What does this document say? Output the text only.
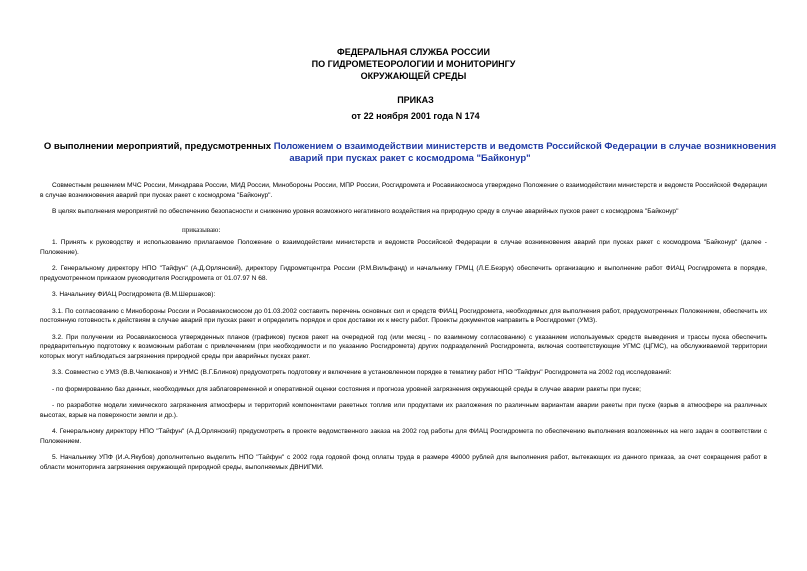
ФЕДЕРАЛЬНАЯ СЛУЖБА РОССИИ
ПО ГИДРОМЕТЕОРОЛОГИИ И МОНИТОРИНГУ
ОКРУЖАЮЩЕЙ СРЕДЫ
ПРИКАЗ
от 22 ноября 2001 года N 174
О выполнении мероприятий, предусмотренных Положением о взаимодействии министерств и ведомств Российской Федерации в случае возникновения аварий при пусках ракет с космодрома "Байконур"

Совместным решением МЧС России, Минздрава России, МИД России, Минобороны России, МПР России, Росгидромета и Росавиакосмоса утверждено Положение о взаимодействии министерств и ведомств Российской Федерации в случае возникновения аварий при пусках ракет с космодрома "Байконур".

В целях выполнения мероприятий по обеспечению безопасности и снижению уровня возможного негативного воздействия на природную среду в случае аварийных пусков ракет с космодрома "Байконур"

приказываю:

1. Принять к руководству и использованию прилагаемое Положение о взаимодействии министерств и ведомств Российской Федерации в случае возникновения аварий при пусках ракет с космодрома "Байконур" (далее - Положение).

2. Генеральному директору НПО "Тайфун" (А.Д.Орлянский), директору Гидрометцентра России (Р.М.Вильфанд) и начальнику ГРМЦ (Л.Е.Безрук) обеспечить организацию и выполнение работ ФИАЦ Росгидромета в порядке, предусмотренном приказом руководителя Росгидромета от 01.07.97 N 68.

3. Начальнику ФИАЦ Росгидромета (В.М.Шершаков):

3.1. По согласованию с Минобороны России и Росавиакосмосом до 01.03.2002 составить перечень основных сил и средств ФИАЦ Росгидромета, необходимых для выполнения работ, предусмотренных Положением, обеспечить их постоянную готовность к действиям в случае аварий при пусках ракет и определить порядок и срок доставки их к месту работ. Проекты документов направить в Росгидромет (УМЗ).

3.2. При получении из Росавиакосмоса утвержденных планов (графиков) пусков ракет на очередной год (или месяц - по взаимному согласованию) с указанием используемых средств выведения и трассы пуска обеспечить предварительную подготовку к возможным работам с привлечением (при необходимости и по указанию Росгидромета) других подразделений Росгидромета, включая соответствующие УГМС (ЦГМС), на обслуживаемой территории которых могут наблюдаться загрязнения природной среды при аварийных пусках ракет.

3.3. Совместно с УМЗ (В.В.Челюканов) и УНМС (В.Г.Блинов) предусмотреть подготовку и включение в установленном порядке в тематику работ НПО "Тайфун" Росгидромета на 2002 год исследований:

- по формированию баз данных, необходимых для заблаговременной и оперативной оценки состояния и прогноза уровней загрязнения окружающей среды в случае аварии ракеты при пуске;

- по разработке модели химического загрязнения атмосферы и территорий компонентами ракетных топлив или продуктами их разложения по различным вариантам аварии ракеты при пуске (взрыв в атмосфере на различных высотах, взрыв на поверхности земли и др.).

4. Генеральному директору НПО "Тайфун" (А.Д.Орлянский) предусмотреть в проекте ведомственного заказа на 2002 год работы для ФИАЦ Росгидромета по обеспечению выполнения возложенных на него задач в соответствии с Положением.

5. Начальнику УПФ (И.А.Якубов) дополнительно выделить НПО "Тайфун" с 2002 года годовой фонд оплаты труда в размере 49000 рублей для выполнения работ, вытекающих из данного приказа, за счет сокращения работ в области мониторинга загрязнения окружающей природной среды, выполняемых ДВНИГМИ.
